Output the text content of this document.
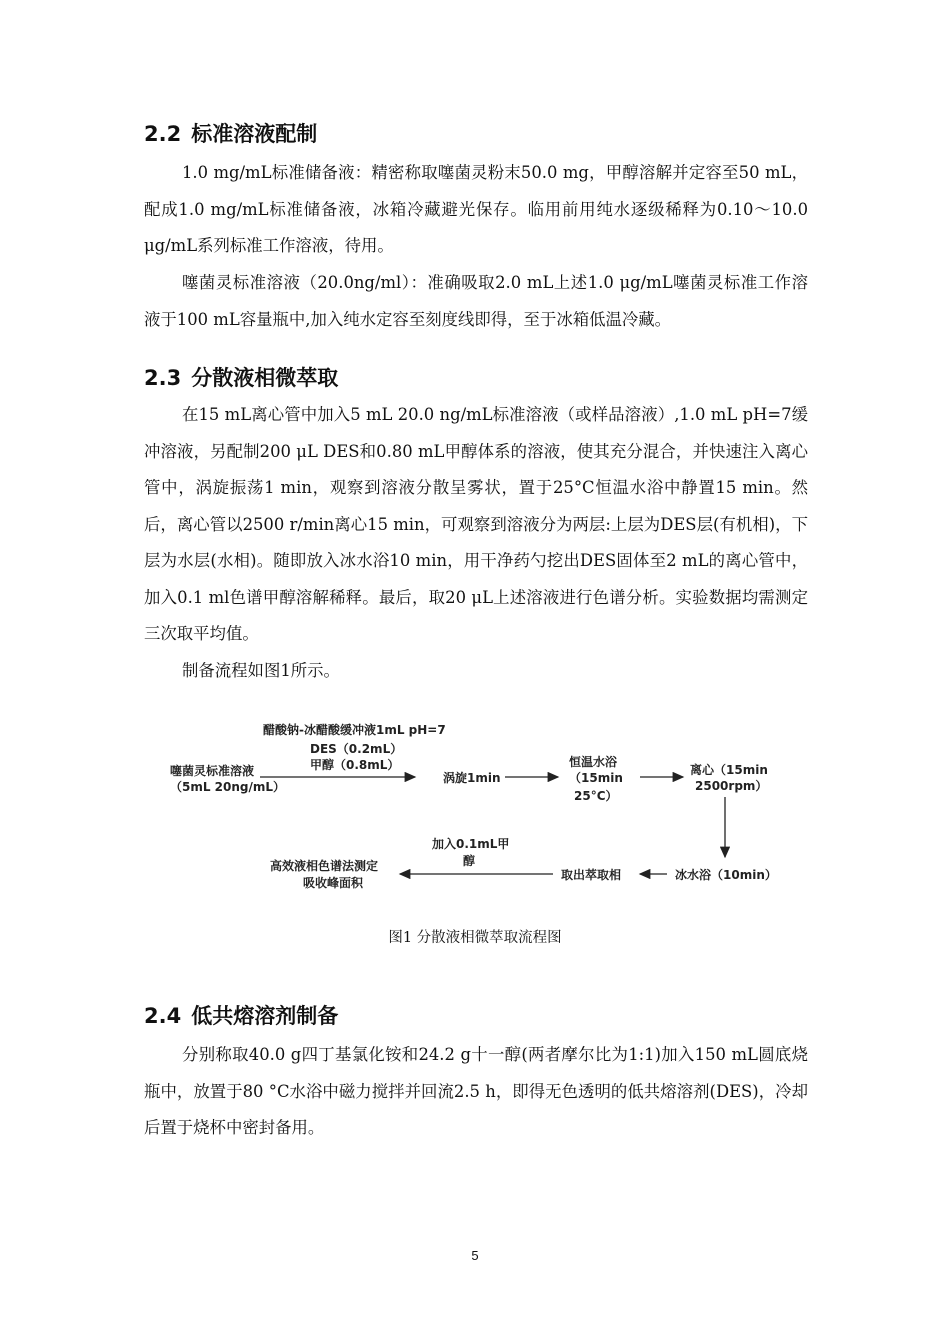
2.2 标准溶液配制

1.0 mg/mL标准储备液：精密称取噻菌灵粉末50.0 mg，甲醇溶解并定容至50 mL，配成1.0 mg/mL标准储备液，冰箱冷藏避光保存。临用前用纯水逐级稀释为0.10～10.0 μg/mL系列标准工作溶液，待用。

噻菌灵标准溶液（20.0ng/ml）：准确吸取2.0 mL上述1.0 μg/mL噻菌灵标准工作溶液于100 mL容量瓶中,加入纯水定容至刻度线即得，至于冰箱低温冷藏。

2.3 分散液相微萃取

在15 mL离心管中加入5 mL 20.0 ng/mL标准溶液（或样品溶液）,1.0 mL pH=7缓冲溶液，另配制200 μL DES和0.80 mL甲醇体系的溶液，使其充分混合，并快速注入离心管中，涡旋振荡1 min，观察到溶液分散呈雾状，置于25°C恒温水浴中静置15 min。然后，离心管以2500 r/min离心15 min，可观察到溶液分为两层:上层为DES层(有机相)，下层为水层(水相)。随即放入冰水浴10 min，用干净药勺挖出DES固体至2 mL的离心管中，加入0.1 ml色谱甲醇溶解稀释。最后，取20 μL上述溶液进行色谱分析。实验数据均需测定三次取平均值。

制备流程如图1所示。

醋酸钠-冰醋酸缓冲液1mL pH=7
DES（0.2mL）
甲醇（0.8mL）
噻菌灵标准溶液
（5mL 20ng/mL）
涡旋1min
恒温水浴
（15min
25°C）
离心（15min
2500rpm）
冰水浴（10min）
取出萃取相
加入0.1mL甲
醇
高效液相色谱法测定
吸收峰面积

图1 分散液相微萃取流程图

2.4 低共熔溶剂制备

分别称取40.0 g四丁基氯化铵和24.2 g十一醇(两者摩尔比为1:1)加入150 mL圆底烧瓶中，放置于80 °C水浴中磁力搅拌并回流2.5 h，即得无色透明的低共熔溶剂(DES)，冷却后置于烧杯中密封备用。

5
